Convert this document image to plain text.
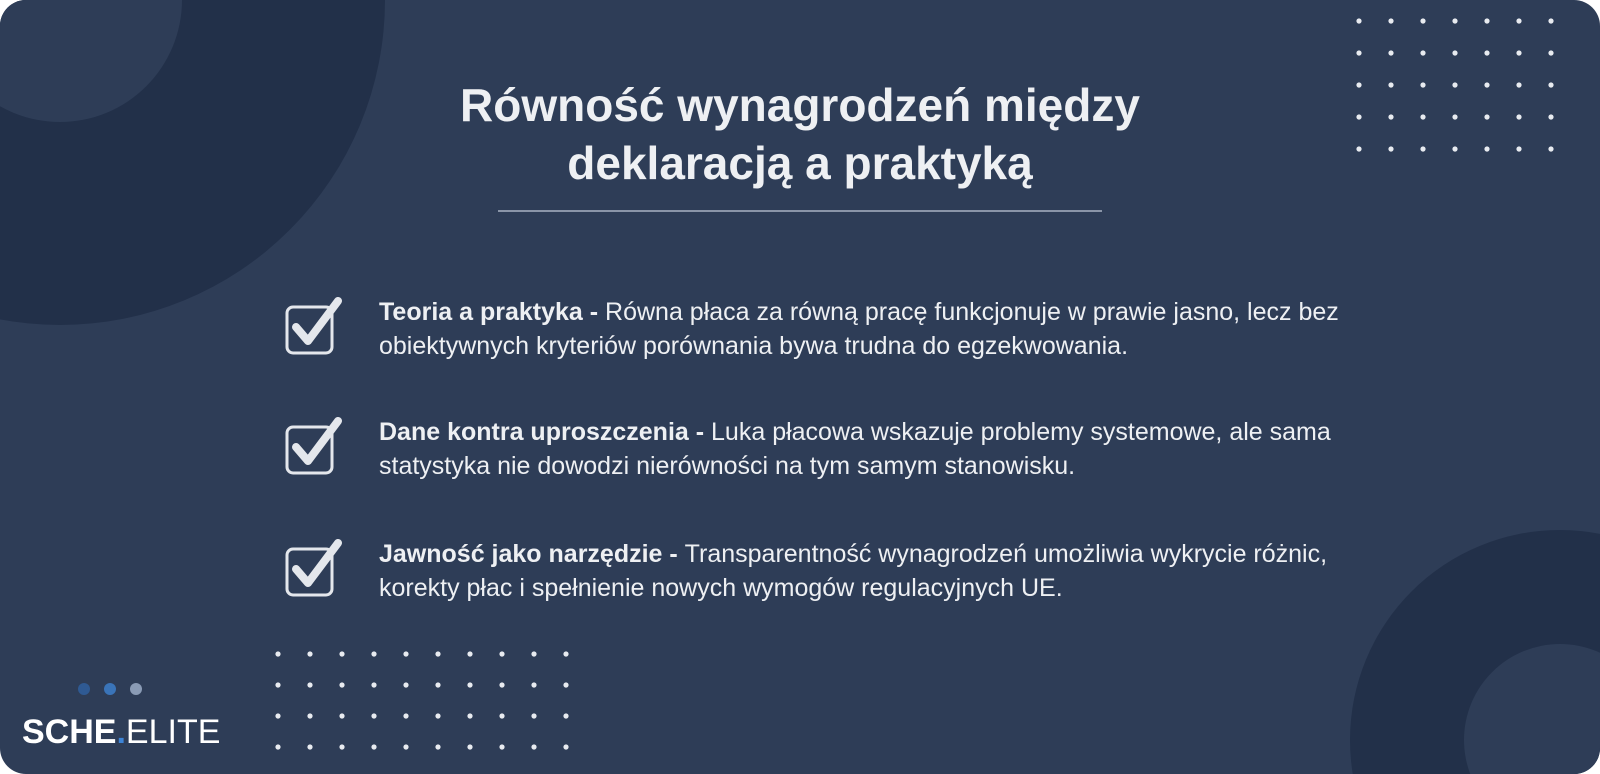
Równość wynagrodzeń między
deklaracją a praktyką

Teoria a praktyka - Równa płaca za równą pracę funkcjonuje w prawie jasno, lecz bez obiektywnych kryteriów porównania bywa trudna do egzekwowania.

Dane kontra uproszczenia - Luka płacowa wskazuje problemy systemowe, ale sama statystyka nie dowodzi nierówności na tym samym stanowisku.

Jawność jako narzędzie - Transparentność wynagrodzeń umożliwia wykrycie różnic, korekty płac i spełnienie nowych wymogów regulacyjnych UE.

SCHE.ELITE
